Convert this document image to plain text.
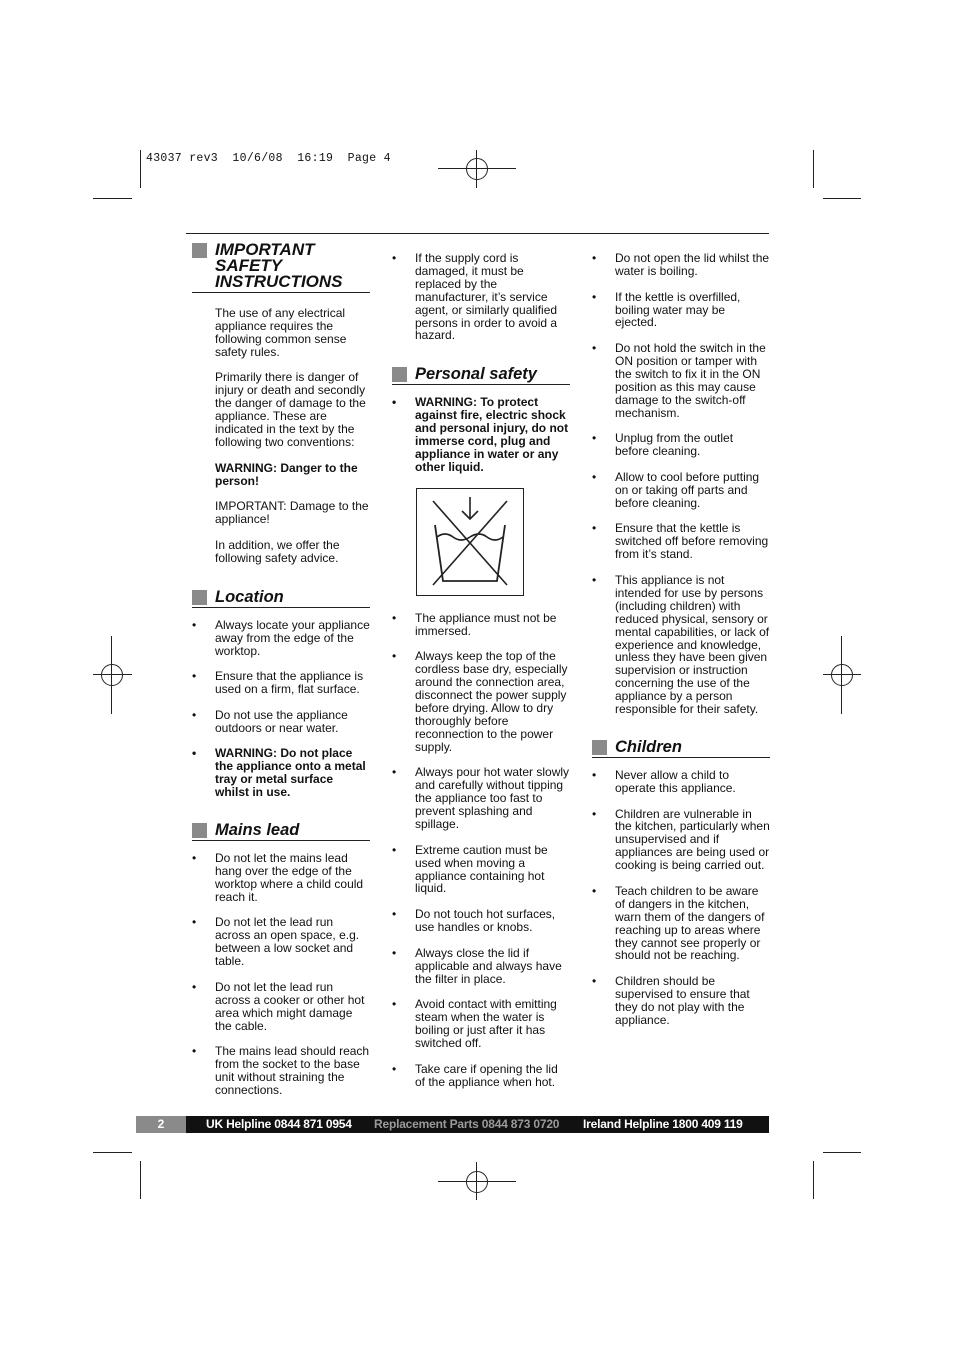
43037 rev3  10/6/08  16:19  Page 4
IMPORTANT SAFETY INSTRUCTIONS
The use of any electrical appliance requires the following common sense safety rules.
Primarily there is danger of injury or death and secondly the danger of damage to the appliance. These are indicated in the text by the following two conventions:
WARNING: Danger to the person!
IMPORTANT: Damage to the appliance!
In addition, we offer the following safety advice.
Location
• Always locate your appliance away from the edge of the worktop.
• Ensure that the appliance is used on a firm, flat surface.
• Do not use the appliance outdoors or near water.
• WARNING: Do not place the appliance onto a metal tray or metal surface whilst in use.
Mains lead
• Do not let the mains lead hang over the edge of the worktop where a child could reach it.
• Do not let the lead run across an open space, e.g. between a low socket and table.
• Do not let the lead run across a cooker or other hot area which might damage the cable.
• The mains lead should reach from the socket to the base unit without straining the connections.
• If the supply cord is damaged, it must be replaced by the manufacturer, it’s service agent, or similarly qualified persons in order to avoid a hazard.
Personal safety
• WARNING: To protect against fire, electric shock and personal injury, do not immerse cord, plug and appliance in water or any other liquid.
• The appliance must not be immersed.
• Always keep the top of the cordless base dry, especially around the connection area, disconnect the power supply before drying. Allow to dry thoroughly before reconnection to the power supply.
• Always pour hot water slowly and carefully without tipping the appliance too fast to prevent splashing and spillage.
• Extreme caution must be used when moving a appliance containing hot liquid.
• Do not touch hot surfaces, use handles or knobs.
• Always close the lid if applicable and always have the filter in place.
• Avoid contact with emitting steam when the water is boiling or just after it has switched off.
• Take care if opening the lid of the appliance when hot.
• Do not open the lid whilst the water is boiling.
• If the kettle is overfilled, boiling water may be ejected.
• Do not hold the switch in the ON position or tamper with the switch to fix it in the ON position as this may cause damage to the switch-off mechanism.
• Unplug from the outlet before cleaning.
• Allow to cool before putting on or taking off parts and before cleaning.
• Ensure that the kettle is switched off before removing from it’s stand.
• This appliance is not intended for use by persons (including children) with reduced physical, sensory or mental capabilities, or lack of experience and knowledge, unless they have been given supervision or instruction concerning the use of the appliance by a person responsible for their safety.
Children
• Never allow a child to operate this appliance.
• Children are vulnerable in the kitchen, particularly when unsupervised and if appliances are being used or cooking is being carried out.
• Teach children to be aware of dangers in the kitchen, warn them of the dangers of reaching up to areas where they cannot see properly or should not be reaching.
• Children should be supervised to ensure that they do not play with the appliance.
2	UK Helpline 0844 871 0954 Replacement Parts 0844 873 0720 Ireland Helpline 1800 409 119
